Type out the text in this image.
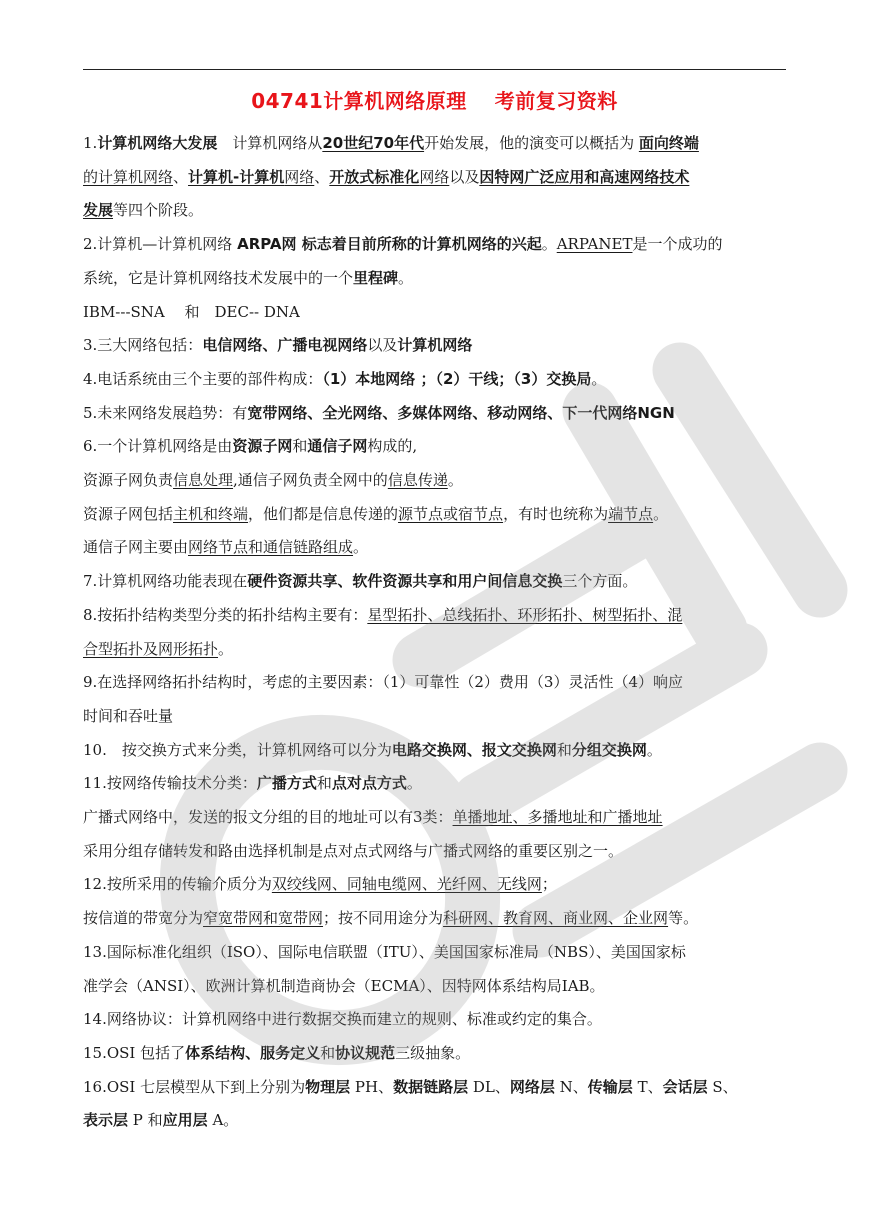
04741计算机网络原理　 考前复习资料
1.计算机网络大发展　计算机网络从20世纪70年代开始发展，他的演变可以概括为 面向终端
的计算机网络、计算机-计算机网络、开放式标准化网络以及因特网广泛应用和高速网络技术
发展等四个阶段。
2.计算机—计算机网络 ARPA网 标志着目前所称的计算机网络的兴起。ARPANET是一个成功的
系统，它是计算机网络技术发展中的一个里程碑。
IBM---SNA　 和　DEC-- DNA
3.三大网络包括：电信网络、广播电视网络以及计算机网络
4.电话系统由三个主要的部件构成：（1）本地网络 ；（2）干线；（3）交换局。
5.未来网络发展趋势：有宽带网络、全光网络、多媒体网络、移动网络、下一代网络NGN
6.一个计算机网络是由资源子网和通信子网构成的,
资源子网负责信息处理,通信子网负责全网中的信息传递。
资源子网包括主机和终端，他们都是信息传递的源节点或宿节点，有时也统称为端节点。
通信子网主要由网络节点和通信链路组成。
7.计算机网络功能表现在硬件资源共享、软件资源共享和用户间信息交换三个方面。
8.按拓扑结构类型分类的拓扑结构主要有：星型拓扑、总线拓扑、环形拓扑、树型拓扑、混
合型拓扑及网形拓扑。
9.在选择网络拓扑结构时，考虑的主要因素：（1）可靠性（2）费用（3）灵活性（4）响应
时间和吞吐量
10.　按交换方式来分类，计算机网络可以分为电路交换网、报文交换网和分组交换网。
11.按网络传输技术分类：广播方式和点对点方式。
广播式网络中，发送的报文分组的目的地址可以有3类：单播地址、多播地址和广播地址
采用分组存储转发和路由选择机制是点对点式网络与广播式网络的重要区别之一。
12.按所采用的传输介质分为双绞线网、同轴电缆网、光纤网、无线网；
按信道的带宽分为窄宽带网和宽带网；按不同用途分为科研网、教育网、商业网、企业网等。
13.国际标准化组织（ISO）、国际电信联盟（ITU）、美国国家标准局（NBS）、美国国家标
准学会（ANSI）、欧洲计算机制造商协会（ECMA）、因特网体系结构局IAB。
14.网络协议：计算机网络中进行数据交换而建立的规则、标准或约定的集合。
15.OSI 包括了体系结构、服务定义和协议规范三级抽象。
16.OSI 七层模型从下到上分别为物理层 PH、数据链路层 DL、网络层 N、传输层 T、会话层 S、
表示层 P 和应用层 A。
